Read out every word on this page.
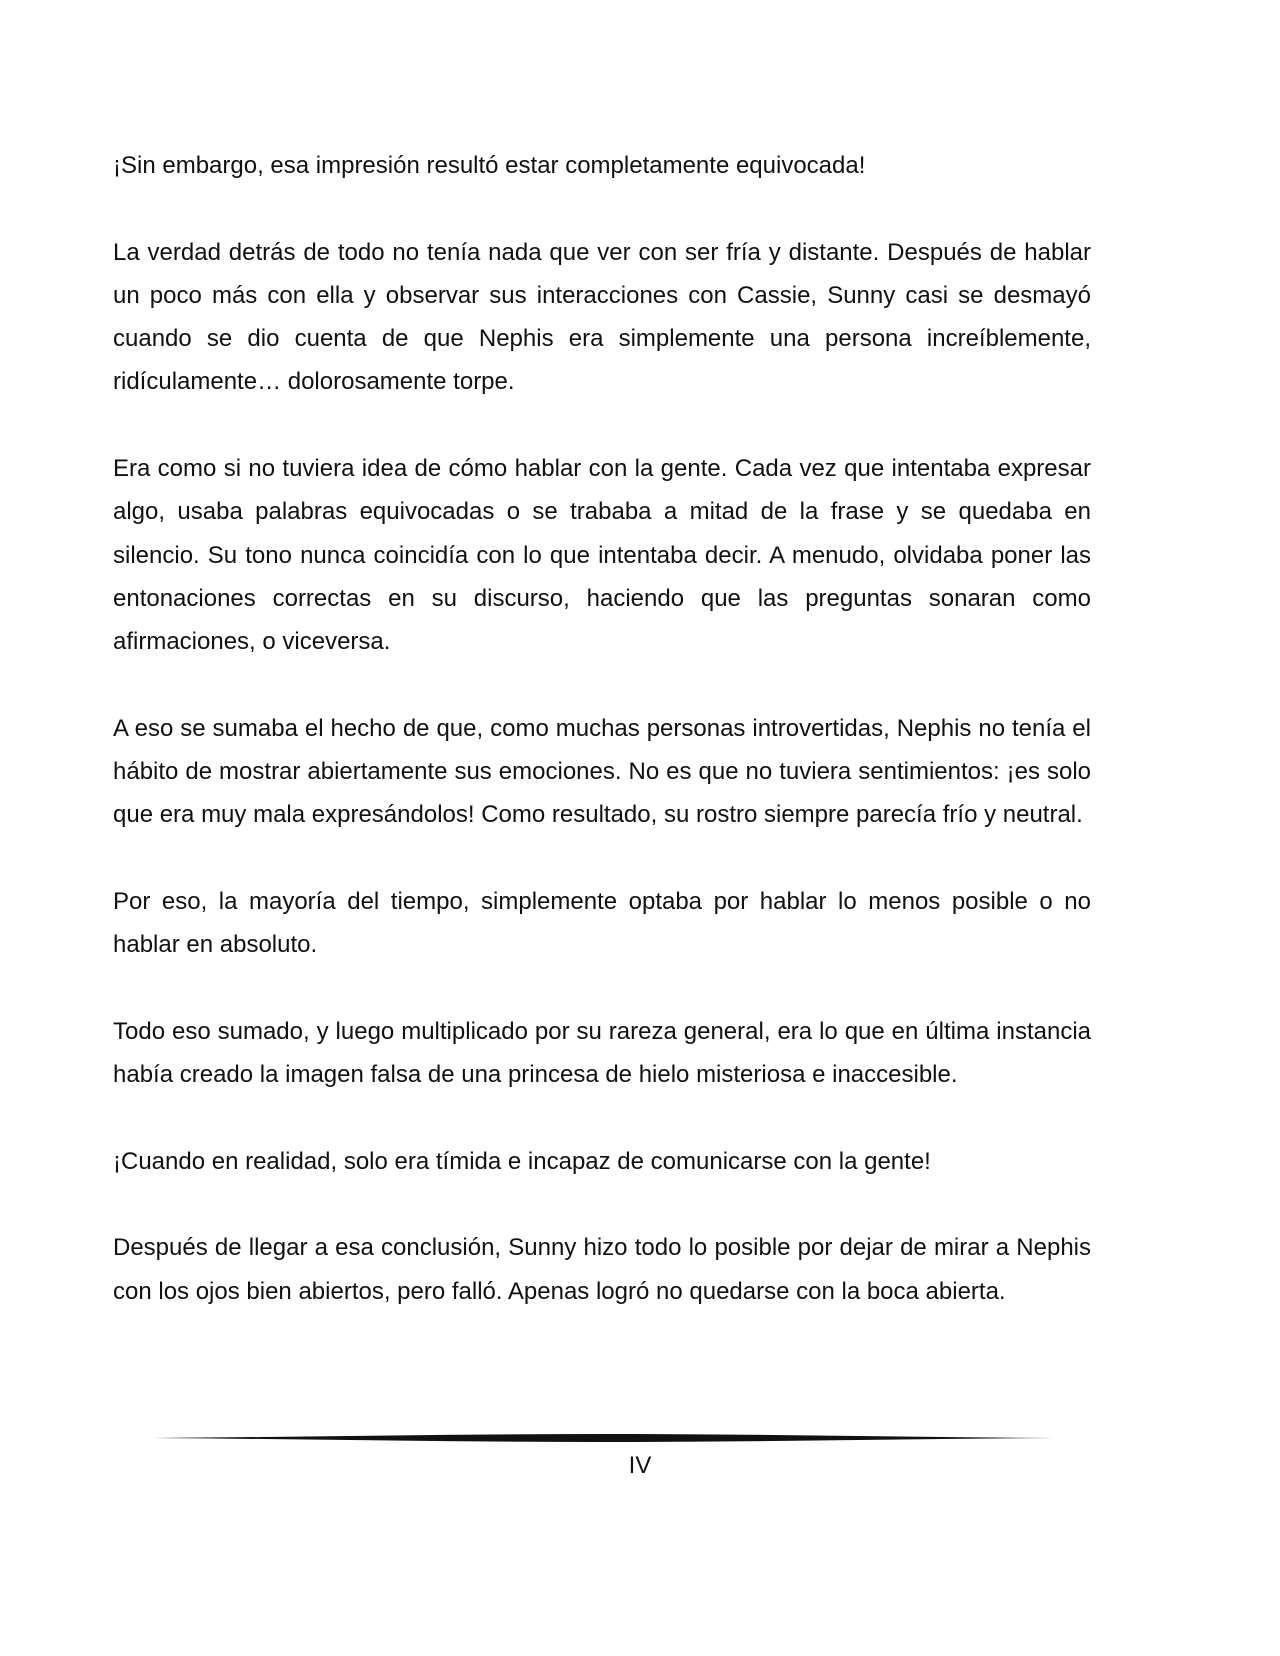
¡Sin embargo, esa impresión resultó estar completamente equivocada!

La verdad detrás de todo no tenía nada que ver con ser fría y distante. Después de hablar un poco más con ella y observar sus interacciones con Cassie, Sunny casi se desmayó cuando se dio cuenta de que Nephis era simplemente una persona increíblemente, ridículamente… dolorosamente torpe.

Era como si no tuviera idea de cómo hablar con la gente. Cada vez que intentaba expresar algo, usaba palabras equivocadas o se trababa a mitad de la frase y se quedaba en silencio. Su tono nunca coincidía con lo que intentaba decir. A menudo, olvidaba poner las entonaciones correctas en su discurso, haciendo que las preguntas sonaran como afirmaciones, o viceversa.

A eso se sumaba el hecho de que, como muchas personas introvertidas, Nephis no tenía el hábito de mostrar abiertamente sus emociones. No es que no tuviera sentimientos: ¡es solo que era muy mala expresándolos! Como resultado, su rostro siempre parecía frío y neutral.

Por eso, la mayoría del tiempo, simplemente optaba por hablar lo menos posible o no hablar en absoluto.

Todo eso sumado, y luego multiplicado por su rareza general, era lo que en última instancia había creado la imagen falsa de una princesa de hielo misteriosa e inaccesible.

¡Cuando en realidad, solo era tímida e incapaz de comunicarse con la gente!

Después de llegar a esa conclusión, Sunny hizo todo lo posible por dejar de mirar a Nephis con los ojos bien abiertos, pero falló. Apenas logró no quedarse con la boca abierta.

IV
